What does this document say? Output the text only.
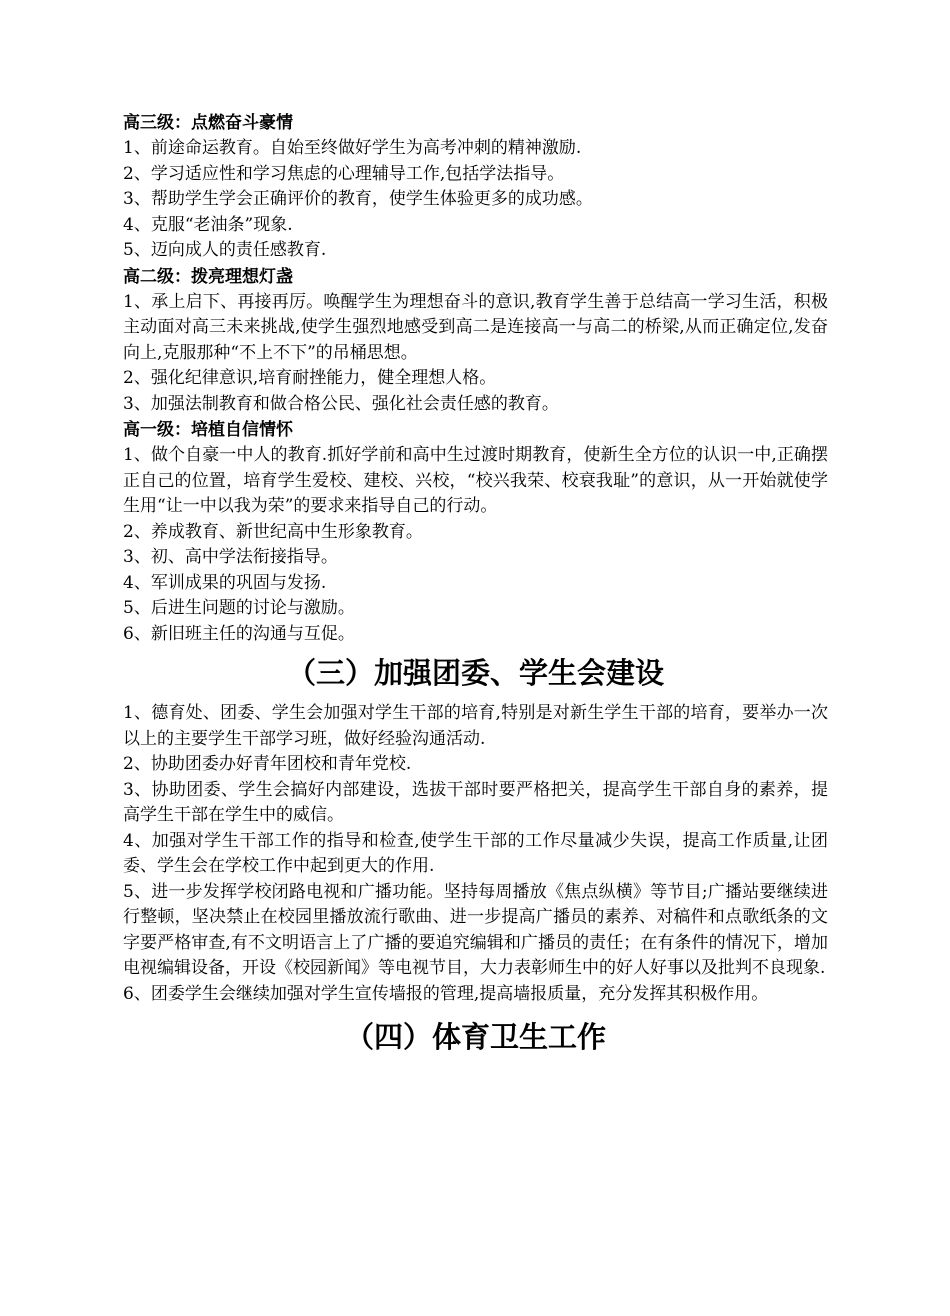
高三级：点燃奋斗豪情

1、前途命运教育。自始至终做好学生为高考冲刺的精神激励.

2、学习适应性和学习焦虑的心理辅导工作,包括学法指导。

3、帮助学生学会正确评价的教育，使学生体验更多的成功感。

4、克服“老油条”现象.

5、迈向成人的责任感教育.

高二级：拨亮理想灯盏

1、承上启下、再接再厉。唤醒学生为理想奋斗的意识,教育学生善于总结高一学习生活，积极主动面对高三未来挑战,使学生强烈地感受到高二是连接高一与高二的桥梁,从而正确定位,发奋向上,克服那种“不上不下”的吊桶思想。

2、强化纪律意识,培育耐挫能力，健全理想人格。

3、加强法制教育和做合格公民、强化社会责任感的教育。

高一级：培植自信情怀

1、做个自豪一中人的教育.抓好学前和高中生过渡时期教育，使新生全方位的认识一中,正确摆正自己的位置，培育学生爱校、建校、兴校，“校兴我荣、校衰我耻”的意识，从一开始就使学生用“让一中以我为荣”的要求来指导自己的行动。

2、养成教育、新世纪高中生形象教育。

3、初、高中学法衔接指导。

4、军训成果的巩固与发扬.

5、后进生问题的讨论与激励。

6、新旧班主任的沟通与互促。

（三）加强团委、学生会建设

1、德育处、团委、学生会加强对学生干部的培育,特别是对新生学生干部的培育，要举办一次以上的主要学生干部学习班，做好经验沟通活动.

2、协助团委办好青年团校和青年党校.

3、协助团委、学生会搞好内部建设，选拔干部时要严格把关，提高学生干部自身的素养，提高学生干部在学生中的威信。

4、加强对学生干部工作的指导和检查,使学生干部的工作尽量减少失误，提高工作质量,让团委、学生会在学校工作中起到更大的作用.

5、进一步发挥学校闭路电视和广播功能。坚持每周播放《焦点纵横》等节目;广播站要继续进行整顿，坚决禁止在校园里播放流行歌曲、进一步提高广播员的素养、对稿件和点歌纸条的文字要严格审查,有不文明语言上了广播的要追究编辑和广播员的责任；在有条件的情况下，增加电视编辑设备，开设《校园新闻》等电视节目，大力表彰师生中的好人好事以及批判不良现象.

6、团委学生会继续加强对学生宣传墙报的管理,提高墙报质量，充分发挥其积极作用。

（四）体育卫生工作
